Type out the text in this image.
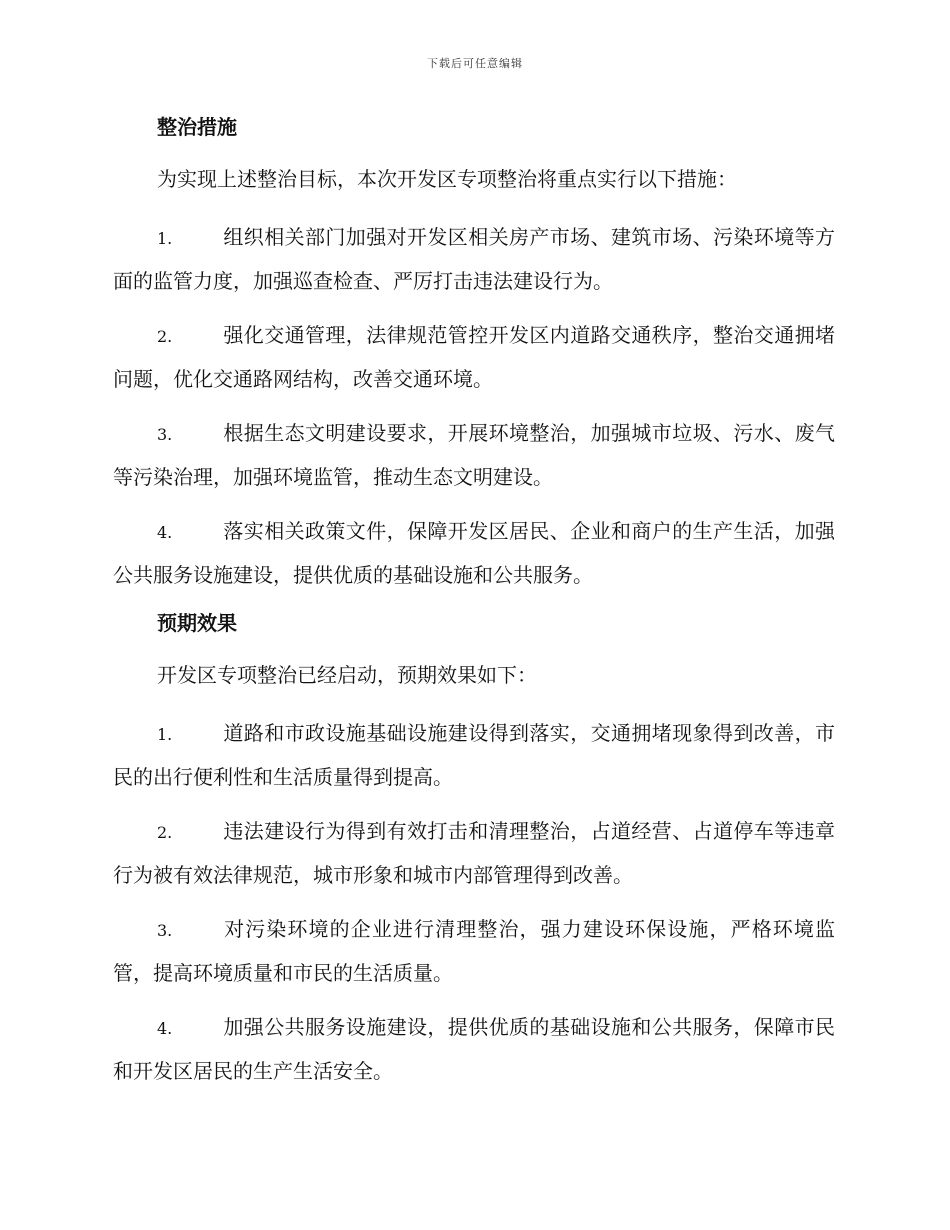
下载后可任意编辑
整治措施

为实现上述整治目标，本次开发区专项整治将重点实行以下措施：

1.	组织相关部门加强对开发区相关房产市场、建筑市场、污染环境等方面的监管力度，加强巡查检查、严厉打击违法建设行为。

2.	强化交通管理，法律规范管控开发区内道路交通秩序，整治交通拥堵问题，优化交通路网结构，改善交通环境。

3.	根据生态文明建设要求，开展环境整治，加强城市垃圾、污水、废气等污染治理，加强环境监管，推动生态文明建设。

4.	落实相关政策文件，保障开发区居民、企业和商户的生产生活，加强公共服务设施建设，提供优质的基础设施和公共服务。

预期效果

开发区专项整治已经启动，预期效果如下：

1.	道路和市政设施基础设施建设得到落实，交通拥堵现象得到改善，市民的出行便利性和生活质量得到提高。

2.	违法建设行为得到有效打击和清理整治，占道经营、占道停车等违章行为被有效法律规范，城市形象和城市内部管理得到改善。

3.	对污染环境的企业进行清理整治，强力建设环保设施，严格环境监管，提高环境质量和市民的生活质量。

4.	加强公共服务设施建设，提供优质的基础设施和公共服务，保障市民和开发区居民的生产生活安全。
